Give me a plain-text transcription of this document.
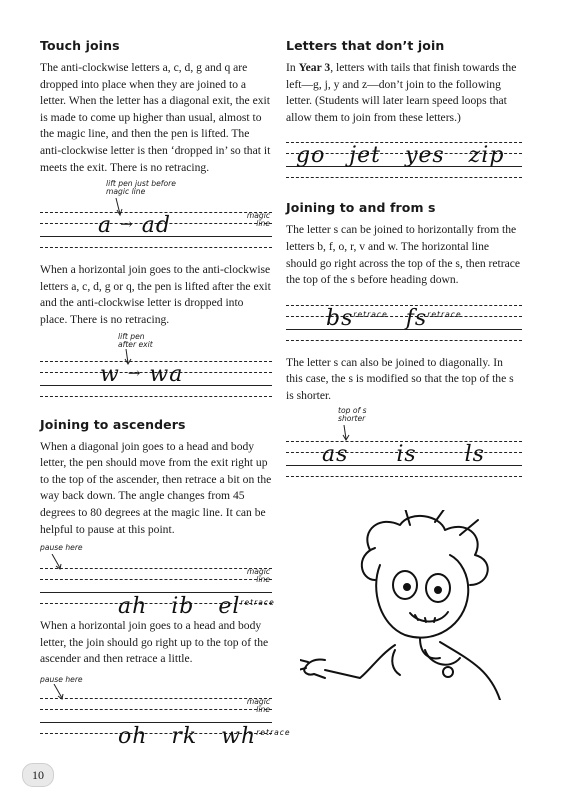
Touch joins

The anti-clockwise letters a, c, d, g and q are dropped into place when they are joined to a letter. When the letter has a diagonal exit, the exit is made to come up higher than usual, almost to the magic line, and then the pen is lifted. The anti-clockwise letter is then ‘dropped in’ so that it meets the exit. There is no retracing.

lift pen just before magic line
a → ad	magic line

When a horizontal join goes to the anti-clockwise letters a, c, d, g or q, the pen is lifted after the exit and the anti-clockwise letter is dropped into place. There is no retracing.

lift pen after exit
w → wa
Joining to ascenders

When a diagonal join goes to a head and body letter, the pen should move from the exit right up to the top of the ascender, then retrace a bit on the way back down. The angle changes from 45 degrees to 80 degrees at the magic line. It can be helpful to pause at this point.

pause here

ah   ib   $el^{retrace}$

magic line

When a horizontal join goes to a head and body letter, the join should go right up to the top of the ascender and then retrace a little.

pause here

oh   rk   $wh^{retrace}$

magic line
Letters that don’t join

In Year 3, letters with tails that finish towards the left—g, j, y and z—don’t join to the following letter. (Students will later learn speed loops that allow them to join from these letters.)

go   jet   yes   zip
Joining to and from s

The letter s can be joined to horizontally from the letters b, f, o, r, v and w. The horizontal line should go right across the top of the s, then retrace the top of the s before heading down.

$bs^{retrace}$ $fs^{retrace}$

The letter s can also be joined to diagonally. In this case, the s is modified so that the top of the s is shorter.

top of s shorter
as      is      ls
10
